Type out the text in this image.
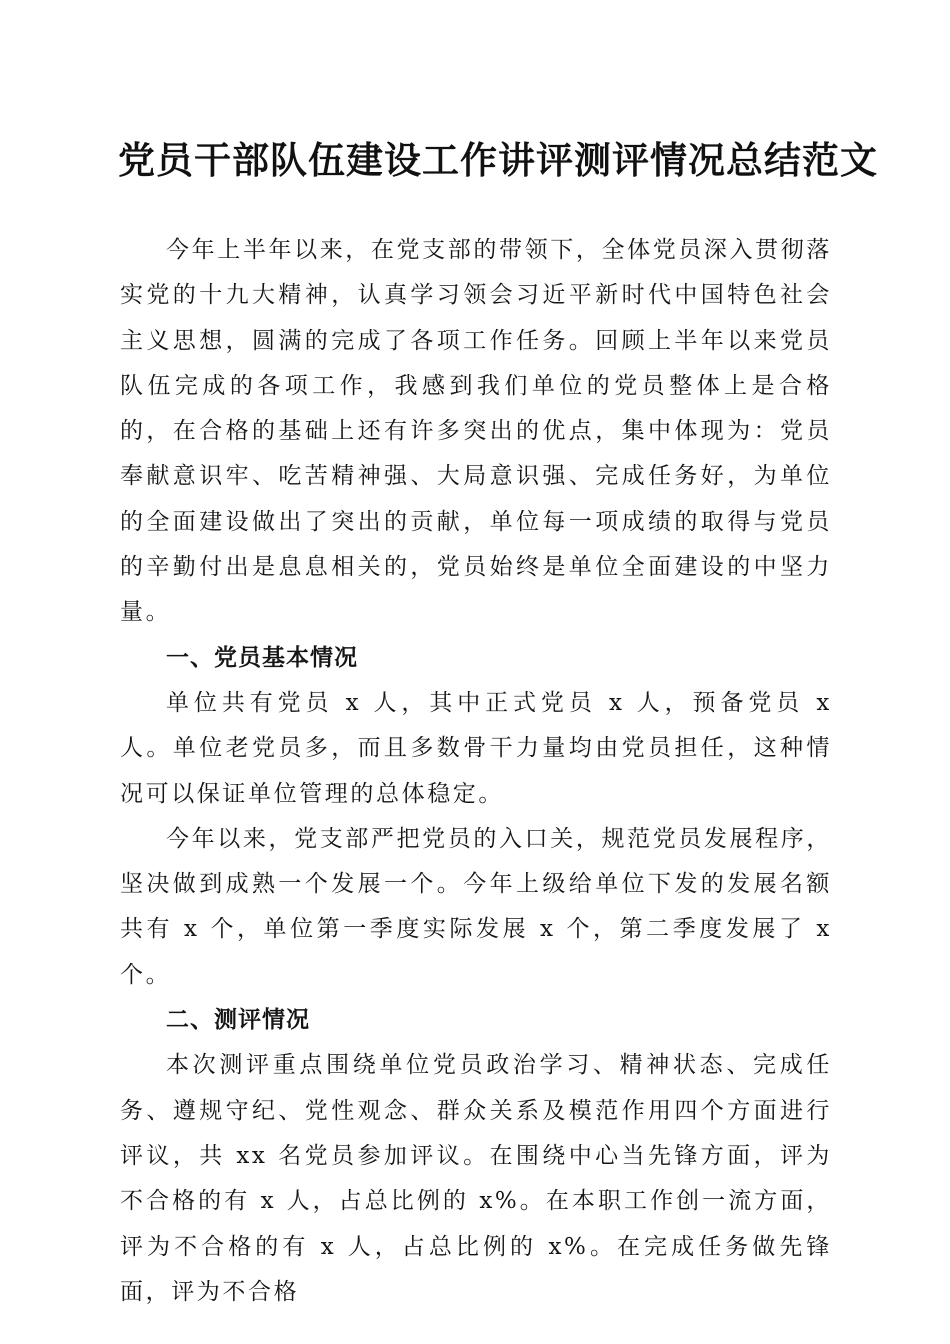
党员干部队伍建设工作讲评测评情况总结范文

今年上半年以来，在党支部的带领下，全体党员深入贯彻落实党的十九大精神，认真学习领会习近平新时代中国特色社会主义思想，圆满的完成了各项工作任务。回顾上半年以来党员队伍完成的各项工作，我感到我们单位的党员整体上是合格的，在合格的基础上还有许多突出的优点，集中体现为：党员奉献意识牢、吃苦精神强、大局意识强、完成任务好，为单位的全面建设做出了突出的贡献，单位每一项成绩的取得与党员的辛勤付出是息息相关的，党员始终是单位全面建设的中坚力量。

一、党员基本情况

单位共有党员 x 人，其中正式党员 x 人，预备党员 x 人。单位老党员多，而且多数骨干力量均由党员担任，这种情况可以保证单位管理的总体稳定。

今年以来，党支部严把党员的入口关，规范党员发展程序，坚决做到成熟一个发展一个。今年上级给单位下发的发展名额共有 x 个，单位第一季度实际发展 x 个，第二季度发展了 x 个。

二、测评情况

本次测评重点围绕单位党员政治学习、精神状态、完成任务、遵规守纪、党性观念、群众关系及模范作用四个方面进行评议，共 xx 名党员参加评议。在围绕中心当先锋方面，评为不合格的有 x 人，占总比例的 x%。在本职工作创一流方面，评为不合格的有 x 人，占总比例的 x%。在完成任务做先锋面，评为不合格
